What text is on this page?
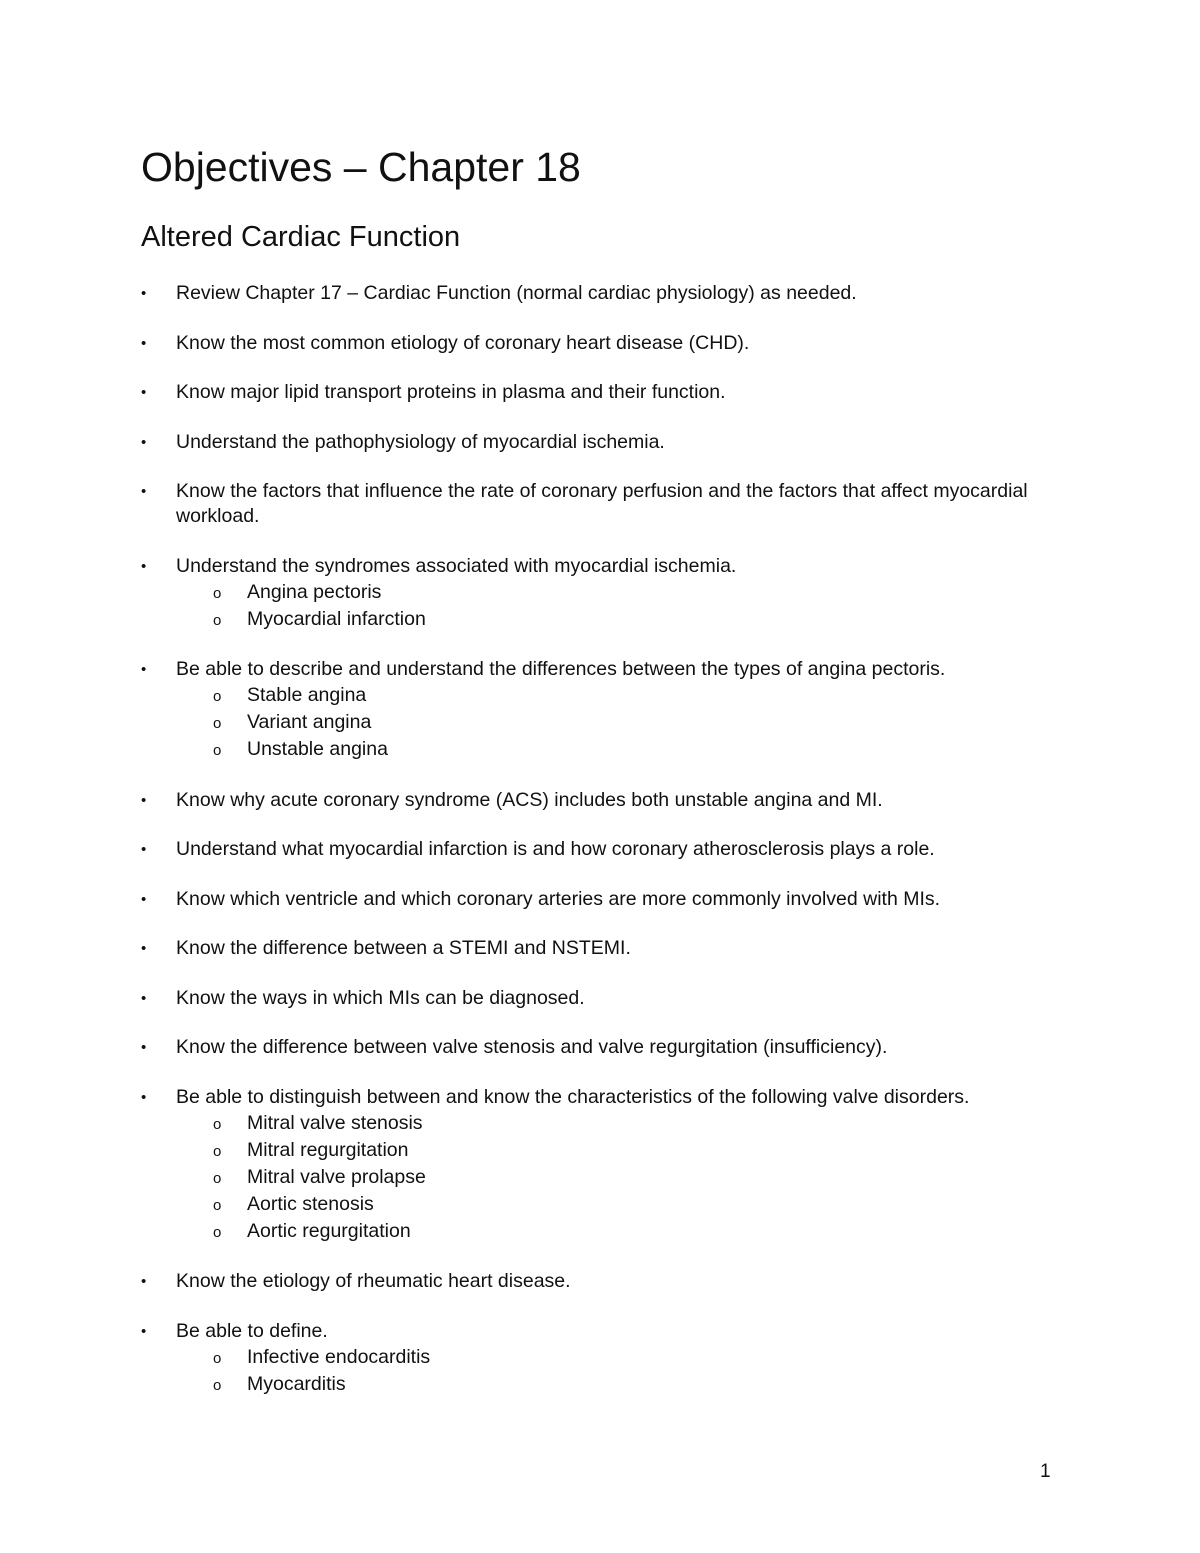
Objectives – Chapter 18
Altered Cardiac Function
•	Review Chapter 17 – Cardiac Function (normal cardiac physiology) as needed.
•	Know the most common etiology of coronary heart disease (CHD).
•	Know major lipid transport proteins in plasma and their function.
•	Understand the pathophysiology of myocardial ischemia.
•	Know the factors that influence the rate of coronary perfusion and the factors that affect myocardial workload.
•	Understand the syndromes associated with myocardial ischemia.
o Angina pectoris
o Myocardial infarction
•	Be able to describe and understand the differences between the types of angina pectoris.
o Stable angina
o Variant angina
o Unstable angina
•	Know why acute coronary syndrome (ACS) includes both unstable angina and MI.
•	Understand what myocardial infarction is and how coronary atherosclerosis plays a role.
•	Know which ventricle and which coronary arteries are more commonly involved with MIs.
•	Know the difference between a STEMI and NSTEMI.
•	Know the ways in which MIs can be diagnosed.
•	Know the difference between valve stenosis and valve regurgitation (insufficiency).
•	Be able to distinguish between and know the characteristics of the following valve disorders.
o Mitral valve stenosis
o Mitral regurgitation
o Mitral valve prolapse
o Aortic stenosis
o Aortic regurgitation
•	Know the etiology of rheumatic heart disease.
•	Be able to define.
o Infective endocarditis
o Myocarditis
1
